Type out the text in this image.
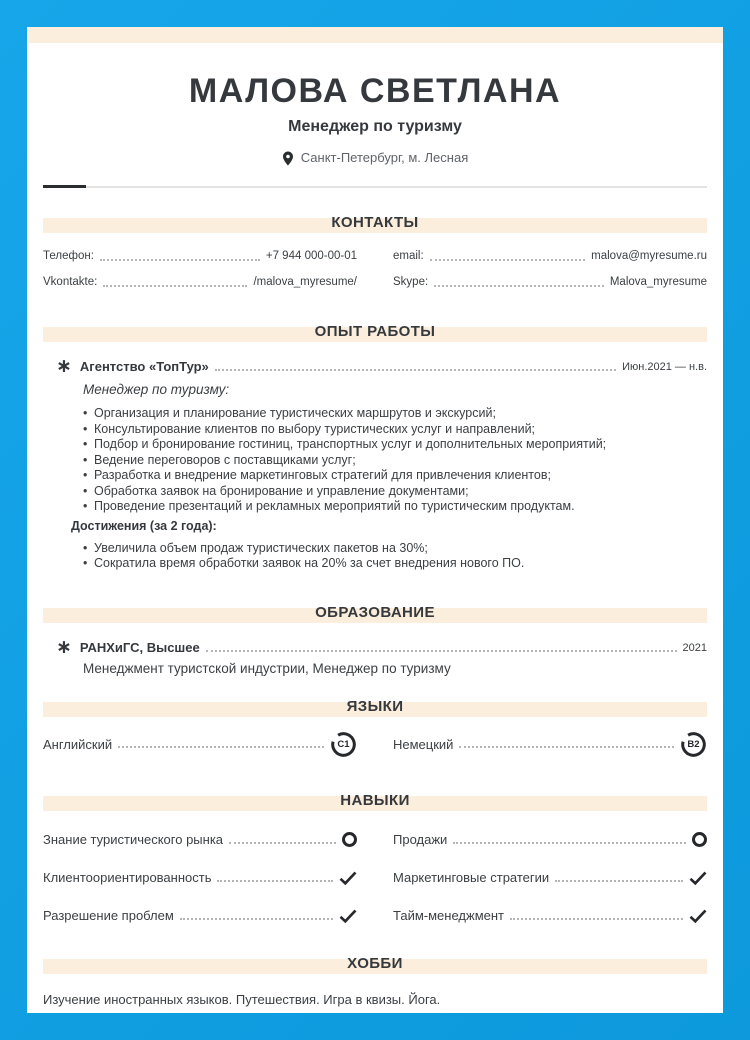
МАЛОВА СВЕТЛАНА
Менеджер по туризму
Санкт-Петербург, м. Лесная
КОНТАКТЫ
Телефон:	+7 944 000-00-01	email:	malova@myresume.ru
Vkontakte:	/malova_myresume/	Skype:	Malova_myresume
ОПЫТ РАБОТЫ
∗ Агентство «ТопТур»	Июн.2021 — н.в.
Менеджер по туризму:
• Организация и планирование туристических маршрутов и экскурсий;
• Консультирование клиентов по выбору туристических услуг и направлений;
• Подбор и бронирование гостиниц, транспортных услуг и дополнительных мероприятий;
• Ведение переговоров с поставщиками услуг;
• Разработка и внедрение маркетинговых стратегий для привлечения клиентов;
• Обработка заявок на бронирование и управление документами;
• Проведение презентаций и рекламных мероприятий по туристическим продуктам.
Достижения (за 2 года):
• Увеличила объем продаж туристических пакетов на 30%;
• Сократила время обработки заявок на 20% за счет внедрения нового ПО.
ОБРАЗОВАНИЕ
∗ РАНХиГС, Высшее	2021
Менеджмент туристской индустрии, Менеджер по туризму
ЯЗЫКИ
Английский	C1	Немецкий	B2
НАВЫКИ
Знание туристического рынка	Продажи
Клиентоориентированность	Маркетинговые стратегии
Разрешение проблем	Тайм-менеджмент
ХОББИ
Изучение иностранных языков. Путешествия. Игра в квизы. Йога.
